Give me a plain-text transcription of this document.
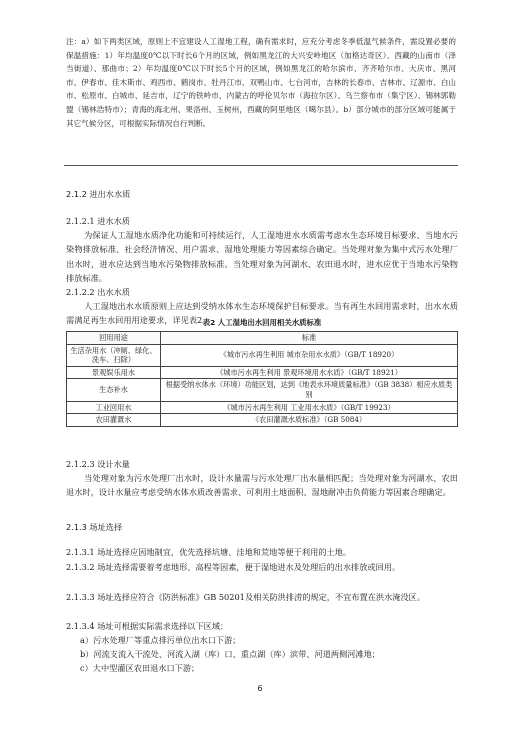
注：a）如下两类区域，原则上不宜建设人工湿地工程，确有需求时，应充分考虑冬季低温气候条件，需设置必要的保温措施：1）年均温度0℃以下时长6个月的区域，例如黑龙江的大兴安岭地区（加格达奇区）、西藏的山南市（泽当街道）、那曲市；2）年均温度0℃以下时长5个月的区域，例如黑龙江的哈尔滨市、齐齐哈尔市、大庆市、黑河市、伊春市、佳木斯市、鸡西市、鹤岗市、牡丹江市、双鸭山市、七台河市，吉林的长春市、吉林市、辽源市、白山市、松原市、白城市、延吉市，辽宁的铁岭市，内蒙古的呼伦贝尔市（海拉尔区）、乌兰察布市（集宁区）、锡林郭勒盟（锡林浩特市）；青海的海北州、果洛州、玉树州，西藏的阿里地区（噶尔县）。b）部分城市的部分区域可能属于其它气候分区，可根据实际情况自行判断。
2.1.2 进出水水质
2.1.2.1 进水水质
为保证人工湿地水质净化功能和可持续运行，人工湿地进水水质需考虑水生态环境目标要求、当地水污染物排放标准、社会经济情况、用户需求、湿地处理能力等因素综合确定。当处理对象为集中式污水处理厂出水时，进水应达到当地水污染物排放标准。当处理对象为河湖水、农田退水时，进水应优于当地水污染物排放标准。
2.1.2.2 出水水质
人工湿地出水水质原则上应达到受纳水体水生态环境保护目标要求。当有再生水回用需求时，出水水质需满足再生水回用用途要求，详见表2。
表2 人工湿地出水回用相关水质标准
回用用途	标准
生活杂用水（冲厕、绿化、洗车、扫除）	《城市污水再生利用 城市杂用水水质》（GB/T 18920）
景观娱乐用水	《城市污水再生利用 景观环境用水水质》（GB/T 18921）
生态补水	根据受纳水体水（环境）功能区划，达到《地表水环境质量标准》（GB 3838）相应水质类别
工业回用水	《城市污水再生利用 工业用水水质》（GB/T 19923）
农田灌溉水	《农田灌溉水质标准》（GB 5084）
2.1.2.3 设计水量
当处理对象为污水处理厂出水时，设计水量需与污水处理厂出水量相匹配；当处理对象为河湖水、农田退水时，设计水量应考虑受纳水体水质改善需求、可利用土地面积、湿地耐冲击负荷能力等因素合理确定。
2.1.3 场址选择
2.1.3.1 场址选择应因地制宜，优先选择坑塘、洼地和荒地等便于利用的土地。
2.1.3.2 场址选择需要着考虑地形、高程等因素，便于湿地进水及处理后的出水排放或回用。
2.1.3.3 场址选择应符合《防洪标准》GB 50201及相关防洪排涝的规定，不宜布置在洪水淹没区。
2.1.3.4 场址可根据实际需求选择以下区域：
a）污水处理厂等重点排污单位出水口下游；
b）河流支流入干流处、河流入湖（库）口、重点湖（库）滨带、河道两侧河滩地；
c）大中型灌区农田退水口下游；
6
